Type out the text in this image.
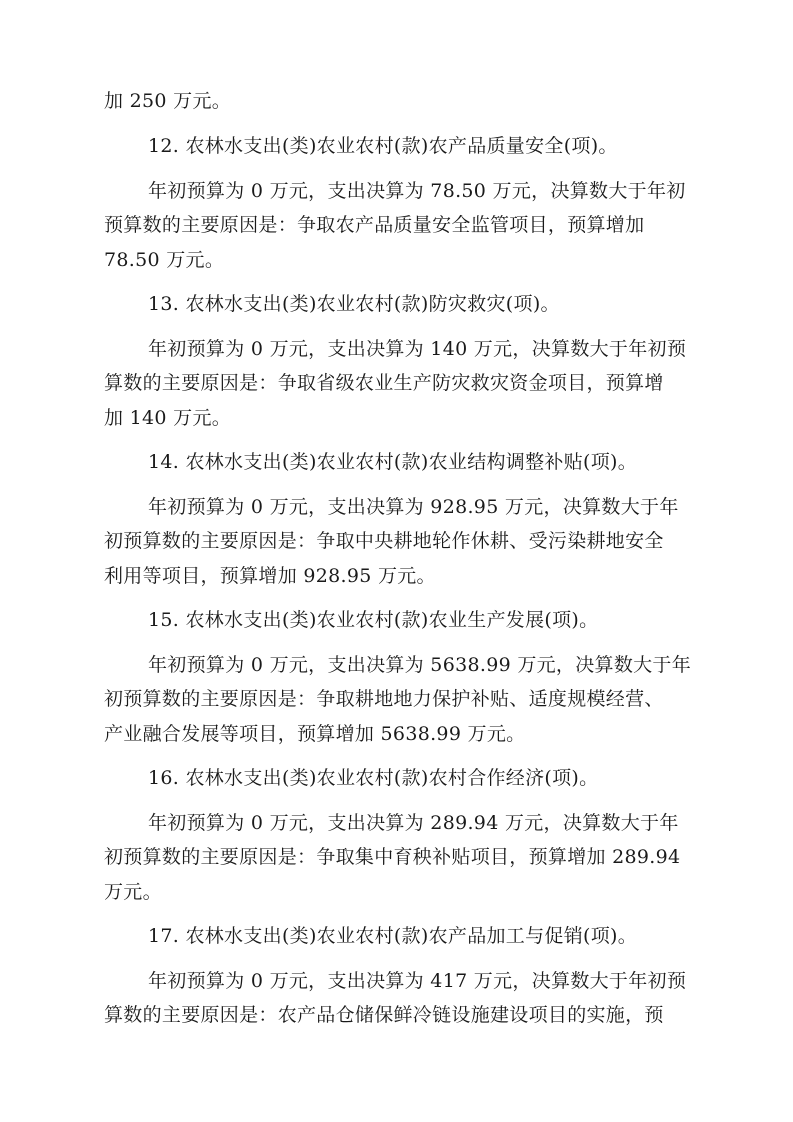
加 250 万元。
12. 农林水支出(类)农业农村(款)农产品质量安全(项)。
年初预算为 0 万元，支出决算为 78.50 万元，决算数大于年初
预算数的主要原因是：争取农产品质量安全监管项目，预算增加
78.50 万元。
13. 农林水支出(类)农业农村(款)防灾救灾(项)。
年初预算为 0 万元，支出决算为 140 万元，决算数大于年初预
算数的主要原因是：争取省级农业生产防灾救灾资金项目，预算增
加 140 万元。
14. 农林水支出(类)农业农村(款)农业结构调整补贴(项)。
年初预算为 0 万元，支出决算为 928.95 万元，决算数大于年
初预算数的主要原因是：争取中央耕地轮作休耕、受污染耕地安全
利用等项目，预算增加 928.95 万元。
15. 农林水支出(类)农业农村(款)农业生产发展(项)。
年初预算为 0 万元，支出决算为 5638.99 万元，决算数大于年
初预算数的主要原因是：争取耕地地力保护补贴、适度规模经营、
产业融合发展等项目，预算增加 5638.99 万元。
16. 农林水支出(类)农业农村(款)农村合作经济(项)。
年初预算为 0 万元，支出决算为 289.94 万元，决算数大于年
初预算数的主要原因是：争取集中育秧补贴项目，预算增加 289.94
万元。
17. 农林水支出(类)农业农村(款)农产品加工与促销(项)。
年初预算为 0 万元，支出决算为 417 万元，决算数大于年初预
算数的主要原因是：农产品仓储保鲜冷链设施建设项目的实施，预
